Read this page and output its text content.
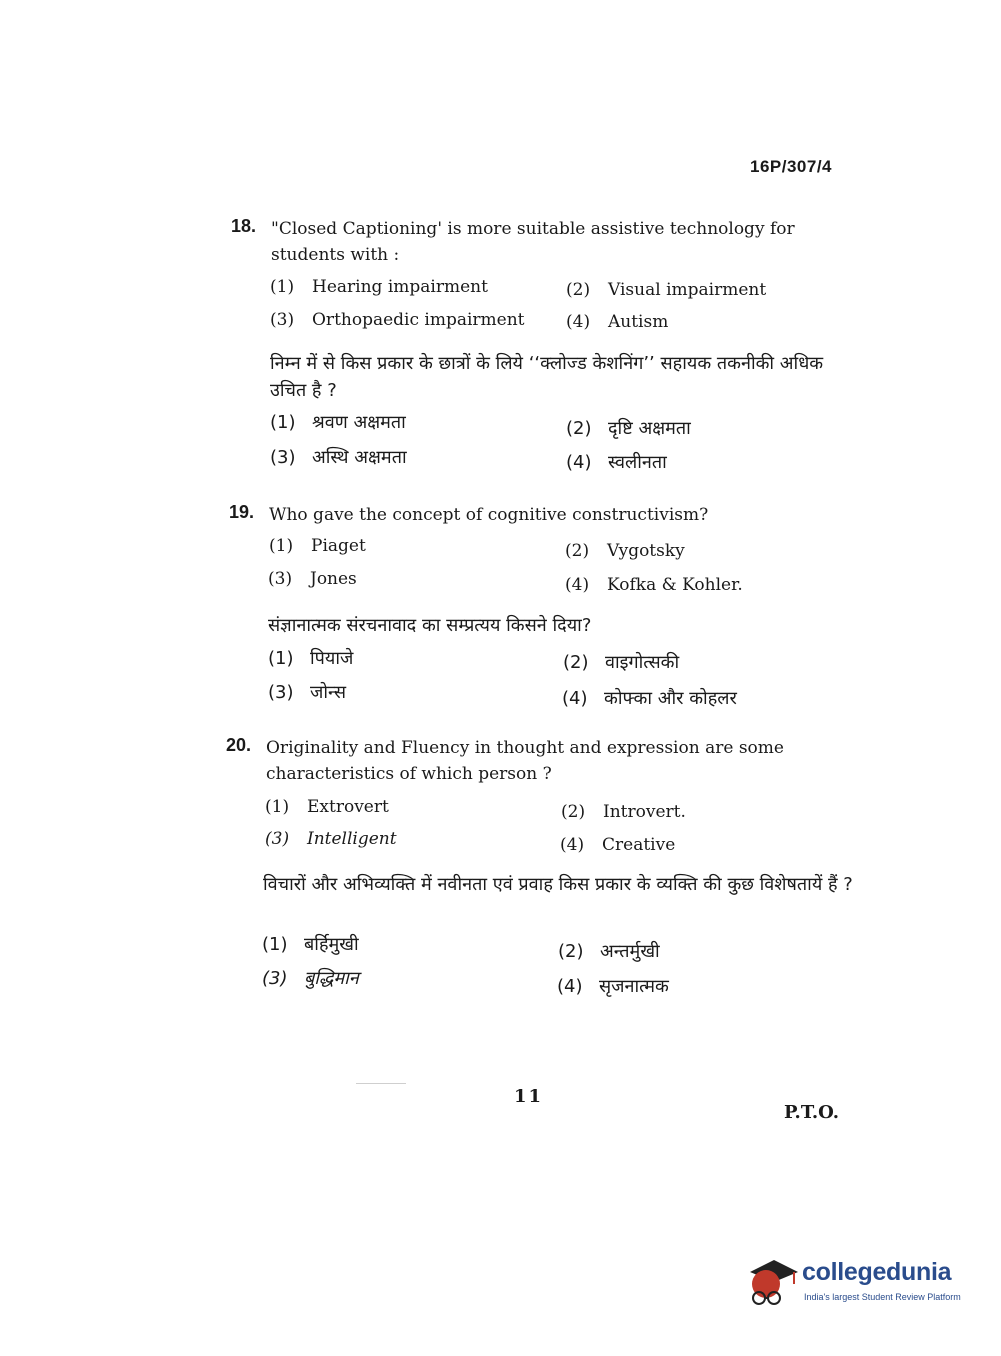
16P/307/4
18. "Closed Captioning' is more suitable assistive technology for students with :
(1) Hearing impairment	(2) Visual impairment
(3) Orthopaedic impairment (4) Autism
निम्न में से किस प्रकार के छात्रों के लिये ‘‘क्लोज्ड केशनिंग’’ सहायक तकनीकी अधिक उचित है ?
(1) श्रवण अक्षमता	(2) दृष्टि अक्षमता
(3) अस्थि अक्षमता	(4) स्वलीनता
19. Who gave the concept of cognitive constructivism?
(1) Piaget	(2) Vygotsky
(3) Jones	(4) Kofka & Kohler.
संज्ञानात्मक संरचनावाद का सम्प्रत्यय किसने दिया?
(1) पियाजे	(2) वाइगोत्सकी
(3) जोन्स	(4) कोफ्का और कोहलर
20. Originality and Fluency in thought and expression are some characteristics of which person ?
(1) Extrovert	(2) Introvert.
(3) Intelligent	(4) Creative
विचारों और अभिव्यक्ति में नवीनता एवं प्रवाह किस प्रकार के व्यक्ति की कुछ विशेषतायें हैं ?
(1) बर्हिमुखी	(2) अन्तर्मुखी
(3) बुद्धिमान	(4) सृजनात्मक
11
P.T.O.
collegedunia
India's largest Student Review Platform
